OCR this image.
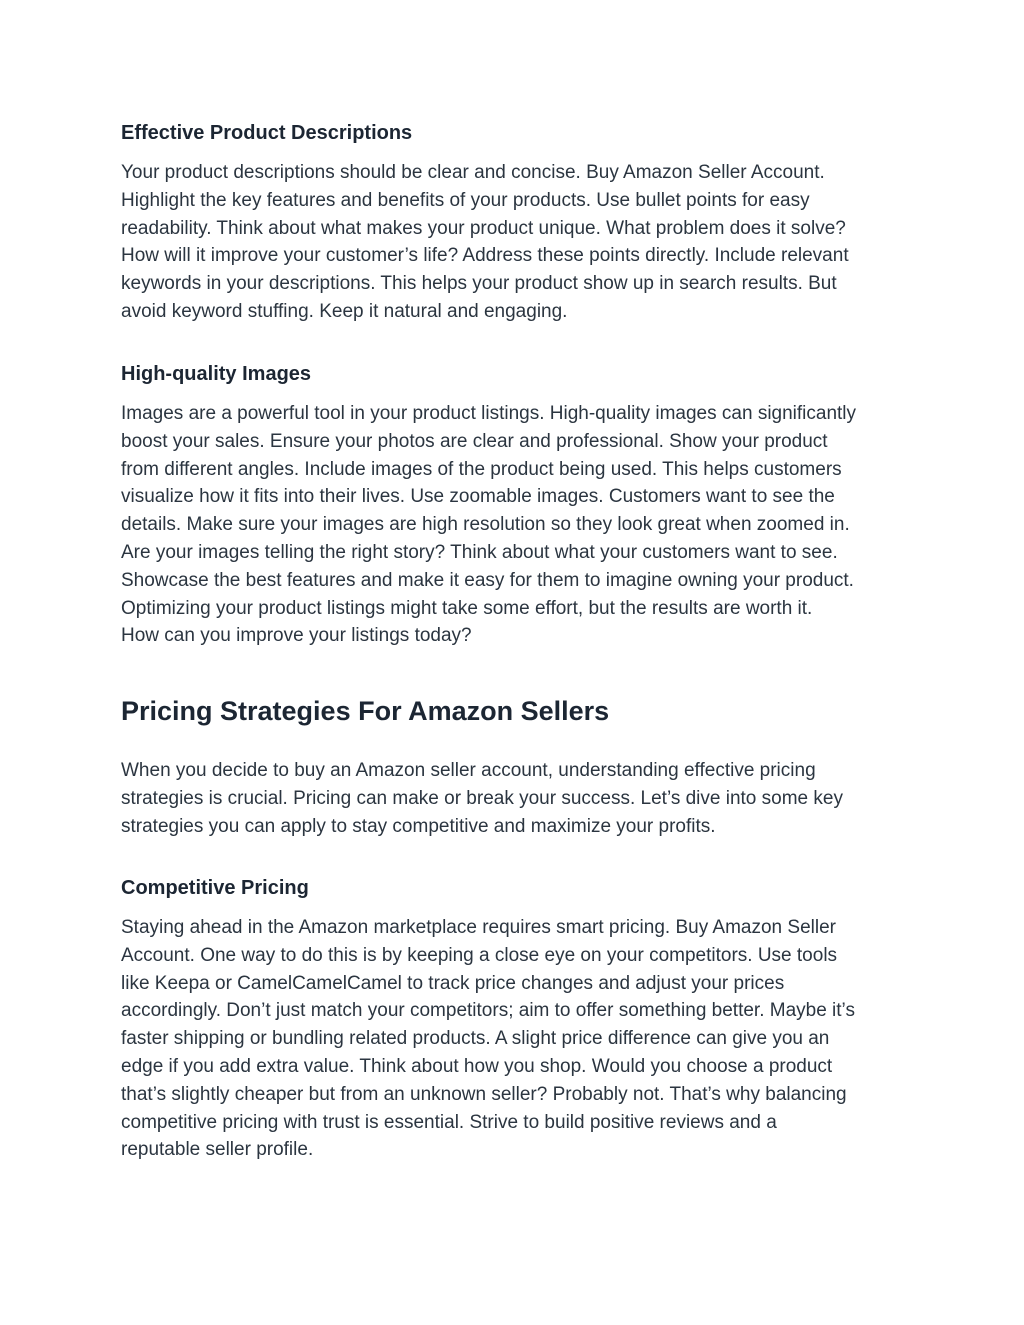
Effective Product Descriptions
Your product descriptions should be clear and concise. Buy Amazon Seller Account.
Highlight the key features and benefits of your products. Use bullet points for easy
readability. Think about what makes your product unique. What problem does it solve?
How will it improve your customer’s life? Address these points directly. Include relevant
keywords in your descriptions. This helps your product show up in search results. But
avoid keyword stuffing. Keep it natural and engaging.
High-quality Images
Images are a powerful tool in your product listings. High-quality images can significantly
boost your sales. Ensure your photos are clear and professional. Show your product
from different angles. Include images of the product being used. This helps customers
visualize how it fits into their lives. Use zoomable images. Customers want to see the
details. Make sure your images are high resolution so they look great when zoomed in.
Are your images telling the right story? Think about what your customers want to see.
Showcase the best features and make it easy for them to imagine owning your product.
Optimizing your product listings might take some effort, but the results are worth it.
How can you improve your listings today?
Pricing Strategies For Amazon Sellers
When you decide to buy an Amazon seller account, understanding effective pricing
strategies is crucial. Pricing can make or break your success. Let’s dive into some key
strategies you can apply to stay competitive and maximize your profits.
Competitive Pricing
Staying ahead in the Amazon marketplace requires smart pricing. Buy Amazon Seller
Account. One way to do this is by keeping a close eye on your competitors. Use tools
like Keepa or CamelCamelCamel to track price changes and adjust your prices
accordingly. Don’t just match your competitors; aim to offer something better. Maybe it’s
faster shipping or bundling related products. A slight price difference can give you an
edge if you add extra value. Think about how you shop. Would you choose a product
that’s slightly cheaper but from an unknown seller? Probably not. That’s why balancing
competitive pricing with trust is essential. Strive to build positive reviews and a
reputable seller profile.
